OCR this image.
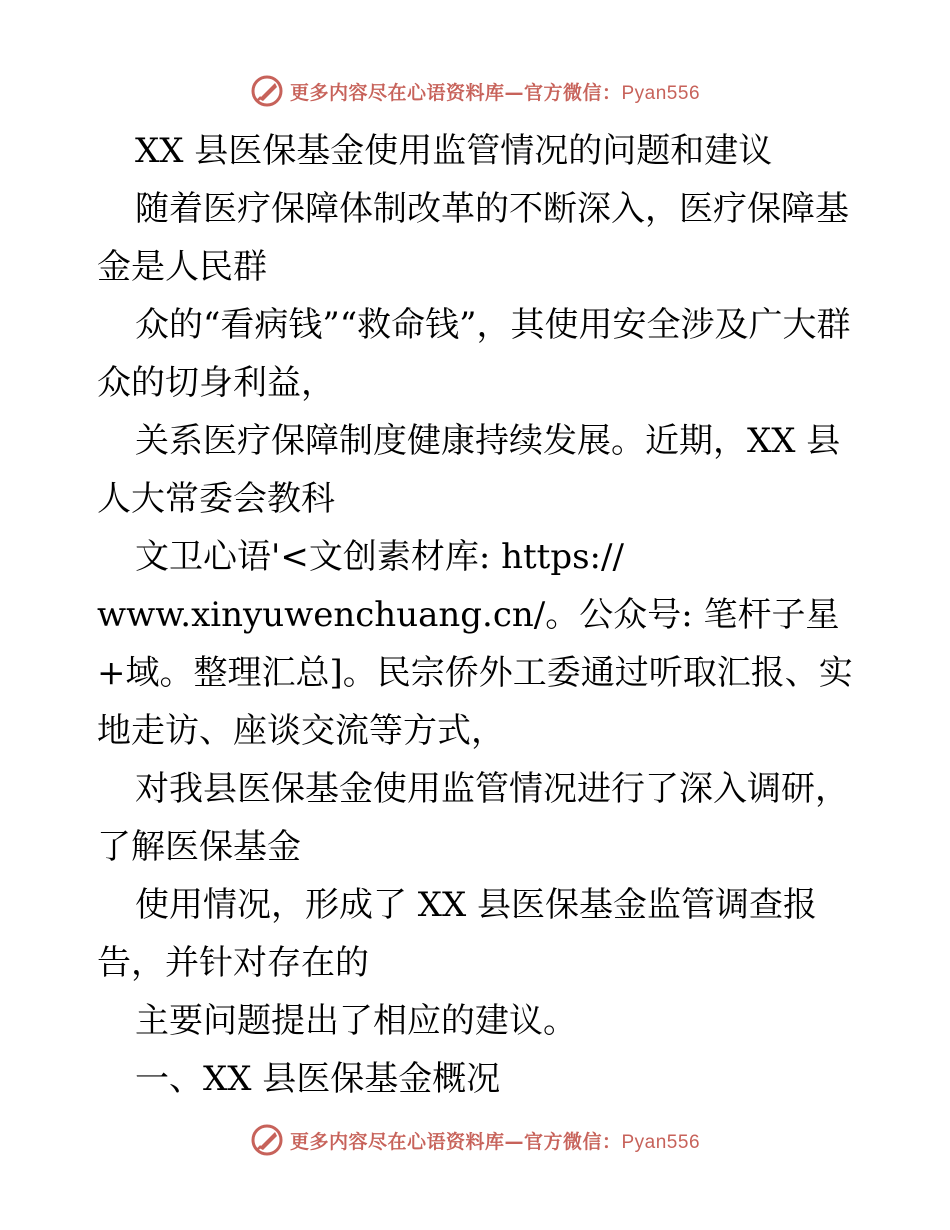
更多内容尽在心语资料库—官方微信：Pyan556

XX 县医保基金使用监管情况的问题和建议

随着医疗保障体制改革的不断深入，医疗保障基金是人民群

众的“看病钱”“救命钱”，其使用安全涉及广大群众的切身利益，

关系医疗保障制度健康持续发展。近期，XX 县人大常委会教科

文卫心语'<文创素材库: https://

www.xinyuwenchuang.cn/。公众号: 笔杆子星

+域。整理汇总]。民宗侨外工委通过听取汇报、实地走访、座谈交流等方式，

对我县医保基金使用监管情况进行了深入调研，了解医保基金

使用情况，形成了 XX 县医保基金监管调查报告，并针对存在的

主要问题提出了相应的建议。

一、XX 县医保基金概况

更多内容尽在心语资料库—官方微信：Pyan556
